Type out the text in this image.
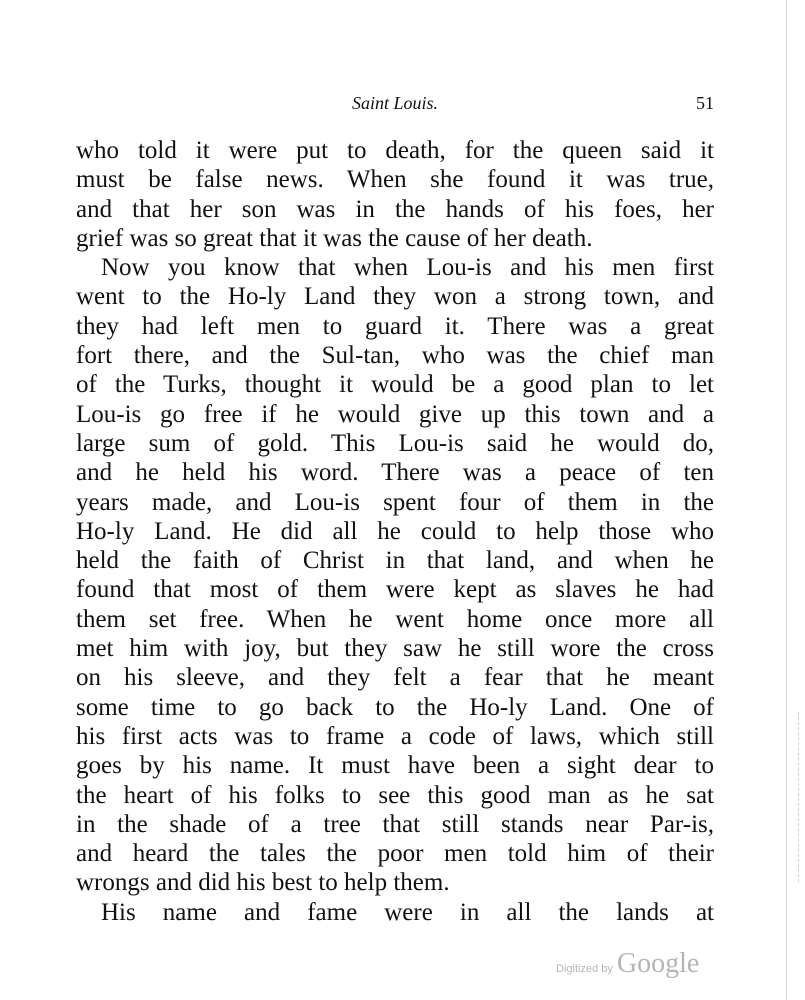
Saint Louis.	51
who told it were put to death, for the queen said it
must be false news. When she found it was true,
and that her son was in the hands of his foes, her
grief was so great that it was the cause of her death.
Now you know that when Lou-is and his men first
went to the Ho-ly Land they won a strong town, and
they had left men to guard it. There was a great
fort there, and the Sul-tan, who was the chief man
of the Turks, thought it would be a good plan to let
Lou-is go free if he would give up this town and a
large sum of gold. This Lou-is said he would do,
and he held his word. There was a peace of ten
years made, and Lou-is spent four of them in the
Ho-ly Land. He did all he could to help those who
held the faith of Christ in that land, and when he
found that most of them were kept as slaves he had
them set free. When he went home once more all
met him with joy, but they saw he still wore the cross
on his sleeve, and they felt a fear that he meant
some time to go back to the Ho-ly Land. One of
his first acts was to frame a code of laws, which still
goes by his name. It must have been a sight dear to
the heart of his folks to see this good man as he sat
in the shade of a tree that still stands near Par-is,
and heard the tales the poor men told him of their
wrongs and did his best to help them.
His name and fame were in all the lands at
Digitized by Google
